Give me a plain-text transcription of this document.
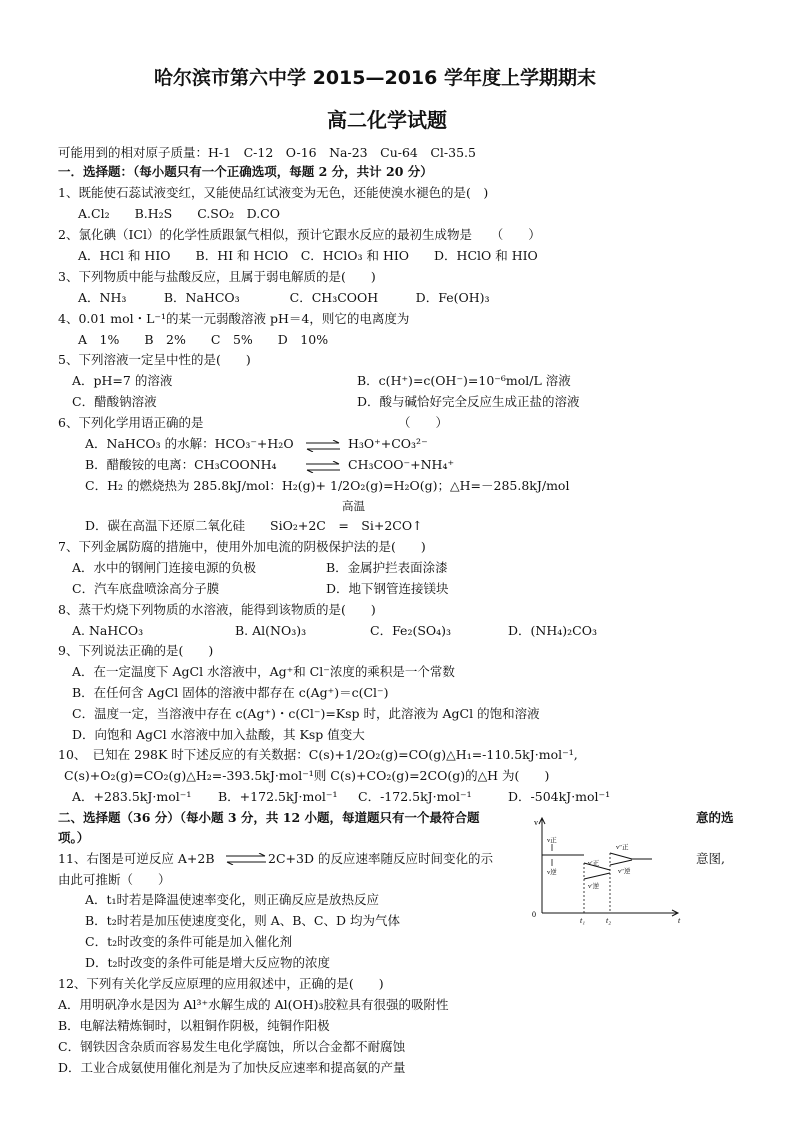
哈尔滨市第六中学 2015—2016 学年度上学期期末
高二化学试题
可能用到的相对原子质量：H-1　C-12　O-16　Na-23　Cu-64　Cl-35.5
一．选择题：（每小题只有一个正确选项，每题 2 分，共计 20 分）
1、既能使石蕊试液变红，又能使品红试液变为无色，还能使溴水褪色的是(　)
A.Cl₂　　B.H₂S　　C.SO₂　D.CO
2、氯化碘（ICl）的化学性质跟氯气相似，预计它跟水反应的最初生成物是　　（　　）
A．HCl 和 HIO　　B．HI 和 HClO　C．HClO₃ 和 HIO　　D．HClO 和 HIO
3、下列物质中能与盐酸反应，且属于弱电解质的是(　　)
A．NH₃　　　B．NaHCO₃　　　　C．CH₃COOH　　　D．Fe(OH)₃
4、0.01 mol・L⁻¹的某一元弱酸溶液 pH＝4，则它的电离度为
A　1%　　B　2%　　C　5%　　D　10%
5、下列溶液一定呈中性的是(　　)
A．pH=7 的溶液	B．c(H⁺)=c(OH⁻)=10⁻⁶mol/L 溶液
C．醋酸钠溶液	D．酸与碱恰好完全反应生成正盐的溶液
6、下列化学用语正确的是	（　　）
A．NaHCO₃ 的水解：HCO₃⁻+H₂O ⇌ H₃O⁺+CO₃²⁻
B．醋酸铵的电离：CH₃COONH₄ ⇌ CH₃COO⁻+NH₄⁺
C．H₂ 的燃烧热为 285.8kJ/mol：H₂(g)+ 1/2O₂(g)=H₂O(g)；△H=－285.8kJ/mol
高温
D．碳在高温下还原二氧化硅　　SiO₂+2C　=　Si+2CO↑
7、下列金属防腐的措施中，使用外加电流的阴极保护法的是(　　)
A．水中的钢闸门连接电源的负极	B．金属护拦表面涂漆
C．汽车底盘喷涂高分子膜	D．地下钢管连接镁块
8、蒸干灼烧下列物质的水溶液，能得到该物质的是(　　)
A. NaHCO₃	B. Al(NO₃)₃	C．Fe₂(SO₄)₃	D．(NH₄)₂CO₃
9、下列说法正确的是(　　)
A．在一定温度下 AgCl 水溶液中，Ag⁺和 Cl⁻浓度的乘积是一个常数
B．在任何含 AgCl 固体的溶液中都存在 c(Ag⁺)＝c(Cl⁻)
C．温度一定，当溶液中存在 c(Ag⁺)・c(Cl⁻)=Ksp 时，此溶液为 AgCl 的饱和溶液
D．向饱和 AgCl 水溶液中加入盐酸，其 Ksp 值变大
10、　已知在 298K 时下述反应的有关数据：C(s)+1/2O₂(g)=CO(g)△H₁=-110.5kJ·mol⁻¹,
C(s)+O₂(g)=CO₂(g)△H₂=-393.5kJ·mol⁻¹则 C(s)+CO₂(g)=2CO(g)的△H 为(　　)
A．+283.5kJ·mol⁻¹ B．+172.5kJ·mol⁻¹ C．-172.5kJ·mol⁻¹	D．-504kJ·mol⁻¹
二、选择题（36 分）（每小题 3 分，共 12 小题，每道题只有一个最符合题	意的选
项。）
11、右图是可逆反应 A+2B ⇌ 2C+3D 的反应速率随反应时间变化的示	意图,
由此可推断（　　）
A．t₁时若是降温使速率变化，则正确反应是放热反应
B．t₂时若是加压使速度变化，则 A、B、C、D 均为气体
C．t₂时改变的条件可能是加入催化剂
D．t₂时改变的条件可能是增大反应物的浓度
v
t
0
t₁	t₂
v正
v逆
v′正
v′逆
v″正
v″逆
12、下列有关化学反应原理的应用叙述中，正确的是(　　)
A．用明矾净水是因为 Al³⁺水解生成的 Al(OH)₃胶粒具有很强的吸附性
B．电解法精炼铜时，以粗铜作阴极，纯铜作阳极
C．钢铁因含杂质而容易发生电化学腐蚀，所以合金都不耐腐蚀
D．工业合成氨使用催化剂是为了加快反应速率和提高氨的产量
